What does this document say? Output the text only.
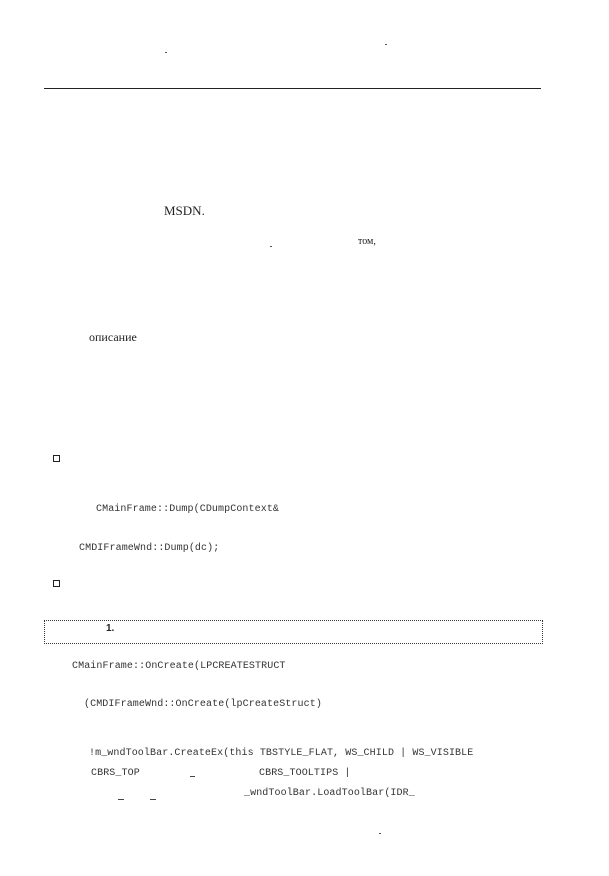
MSDN.
том,
описание
CMainFrame::Dump(CDumpContext&
CMDIFrameWnd::Dump(dc);
1.
CMainFrame::OnCreate(LPCREATESTRUCT
(CMDIFrameWnd::OnCreate(lpCreateStruct)
!m_wndToolBar.CreateEx(this TBSTYLE_FLAT, WS_CHILD | WS_VISIBLE
CBRS_TOP	CBRS_TOOLTIPS |
_wndToolBar.LoadToolBar(IDR_
